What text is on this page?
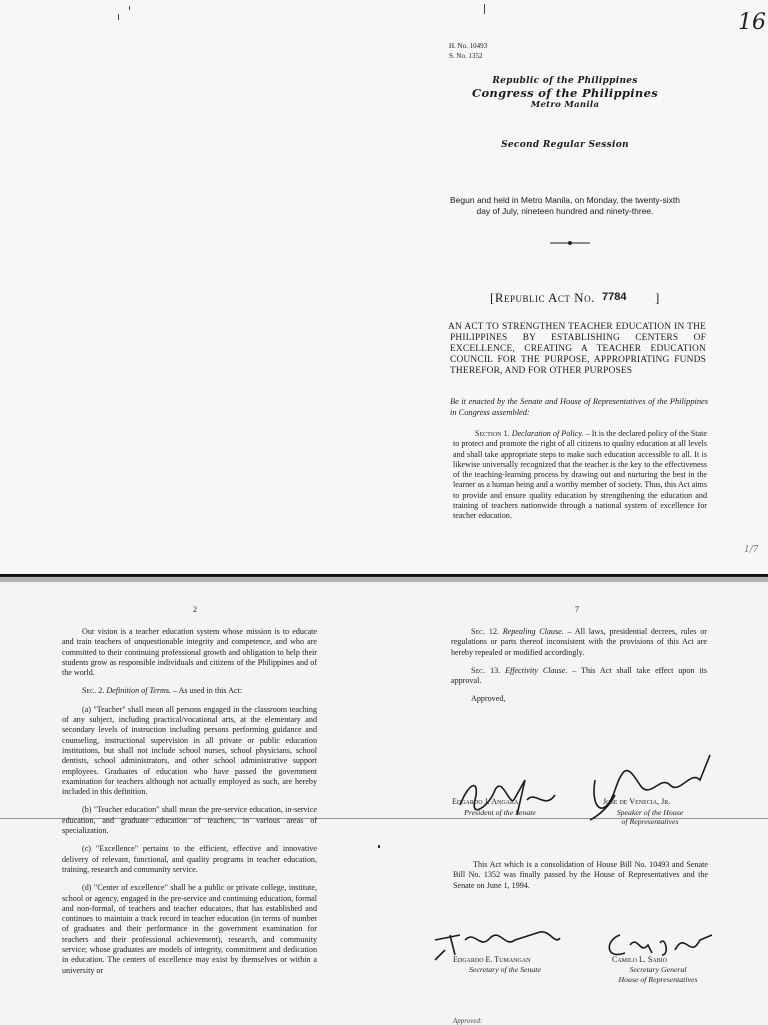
H. No. 10493
S. No. 1352
16
Republic of the Philippines
Congress of the Philippines
Metro Manila
Second Regular Session
Begun and held in Metro Manila, on Monday, the twenty-sixth
day of July, nineteen hundred and ninety-three.
[Republic Act No. 7784 ]
AN ACT TO STRENGTHEN TEACHER EDUCATION IN THE PHILIPPINES BY ESTABLISHING CENTERS OF EXCELLENCE, CREATING A TEACHER EDUCATION COUNCIL FOR THE PURPOSE, APPROPRIATING FUNDS THEREFOR, AND FOR OTHER PURPOSES
Be it enacted by the Senate and House of Representatives of the Philippines in Congress assembled:

Section 1. Declaration of Policy. – It is the declared policy of the State to protect and promote the right of all citizens to quality education at all levels and shall take appropriate steps to make such education accessible to all. It is likewise universally recognized that the teacher is the key to the effectiveness of the teaching-learning process by drawing out and nurturing the best in the learner as a human being and a worthy member of society. Thus, this Act aims to provide and ensure quality education by strengthening the education and training of teachers nationwide through a national system of excellence for teacher education.

1/7
2

Our vision is a teacher education system whose mission is to educate and train teachers of unquestionable integrity and competence, and who are committed to their continuing professional growth and obligation to help their students grow as responsible individuals and citizens of the Philippines and of the world.

Sec. 2. Definition of Terms. – As used in this Act:

(a) "Teacher" shall mean all persons engaged in the classroom teaching of any subject, including practical/vocational arts, at the elementary and secondary levels of instruction including persons performing guidance and counseling, instructional supervision in all private or public education institutions, but shall not include school nurses, school physicians, school dentists, school administrators, and other school administrative support employees. Graduates of education who have passed the government examination for teachers although not actually employed as such, are hereby included in this definition.

(b) "Teacher education" shall mean the pre-service education, in-service education, and graduate education of teachers, in various areas of specialization.

(c) "Excellence" pertains to the efficient, effective and innovative delivery of relevant, functional, and quality programs in teacher education, training, research and community service.

(d) "Center of excellence" shall be a public or private college, institute, school or agency, engaged in the pre-service and continuing education, formal and non-formal, of teachers and teacher educators, that has established and continues to maintain a track record in teacher education (in terms of number of graduates and their performance in the government examination for teachers and their professional achievement), research, and community service; whose graduates are models of integrity, commitment and dedication in education. The centers of excellence may exist by themselves or within a university or

7

Sec. 12. Repealing Clause. – All laws, presidential decrees, rules or regulations or parts thereof inconsistent with the provisions of this Act are hereby repealed or modified accordingly.

Sec. 13. Effectivity Clause. – This Act shall take effect upon its approval.

Approved,

Edgardo J. Angara
President of the Senate
Jose de Venecia, Jr.
Speaker of the House
of Representatives

This Act which is a consolidation of House Bill No. 10493 and Senate Bill No. 1352 was finally passed by the House of Representatives and the Senate on June 1, 1994.

Edgardo E. Tumangan
Secretary of the Senate
Camilo L. Sabio
Secretary General
House of Representatives
Approved:
